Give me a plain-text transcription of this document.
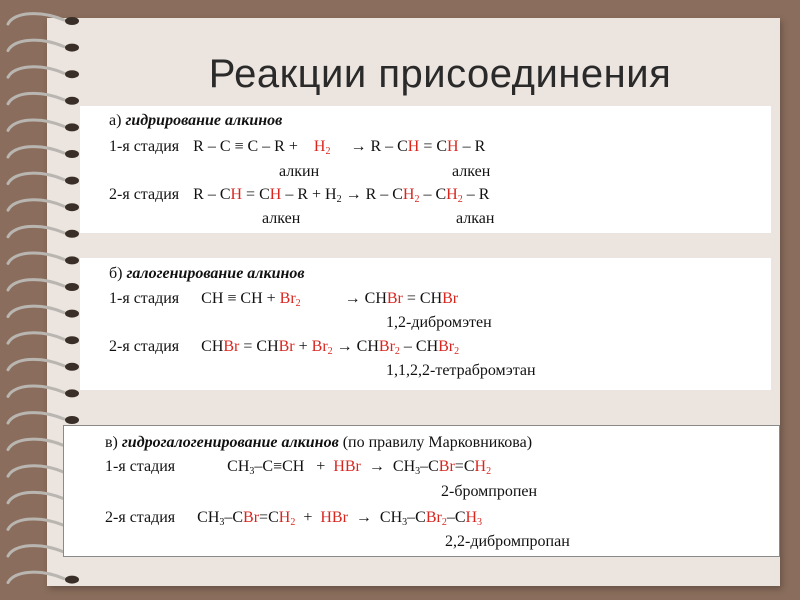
Реакции присоединения
а) гидрирование алкинов
1-я стадия $R - C \equiv C - R + H_2 \to R$ – CH = CH – R
алкин	алкен
2-я стадия R – CH = CH – $R + H_2 \to R - CH_2 - CH_2 - R$
алкен	алкан
б) галогенирование алкинов
1-я стадия CH ≡ CH + $Br_2$	→ CHBr = CHBr
1,2-дибромэтен
2-я стадия CHBr = CHBr + $Br_2$ → CHBr$_2$ – CHBr$_2$
1,1,2,2-тетрабромэтан
в) гидрогалогенирование алкинов (по правилу Марковникова)
1-я стадия	$CH_3-C\equiv CH$   +  HBr  →  $CH_3-CBr=CH_2$
2-бромпропен
2-я стадия $CH_3-CBr=CH_2$  +  HBr  →  $CH_3-CBr_2-CH_3$
2,2-дибромпропан
